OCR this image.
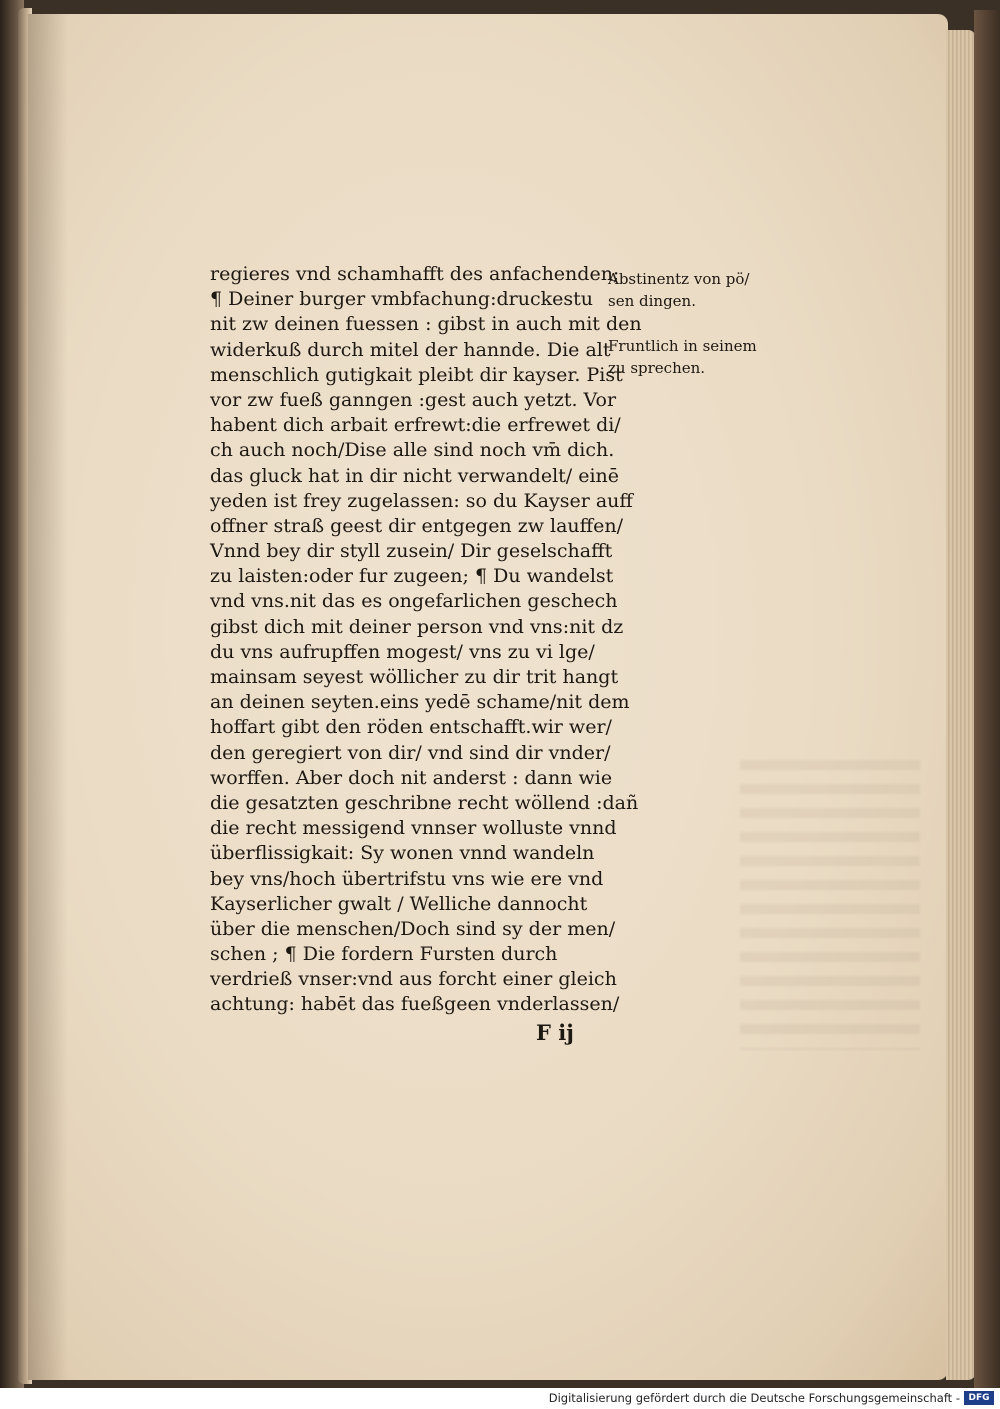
regieres vnd schamhafft des anfachenden;
¶ Deiner burger vmbfachung:druckestu
nit zw deinen fuessen : gibst in auch mit den
widerkuß durch mitel der hannde. Die alt
menschlich gutigkait pleibt dir kayser. Pist
vor zw fueß ganngen :gest auch yetzt. Vor
habent dich arbait erfrewt:die erfrewet di/
ch auch noch/Dise alle sind noch vm̄ dich.
das gluck hat in dir nicht verwandelt/ einē
yeden ist frey zugelassen: so du Kayser auff
offner straß geest dir entgegen zw lauffen/
Vnnd bey dir styll zusein/ Dir geselschafft
zu laisten:oder fur zugeen; ¶ Du wandelst
vnd vns.nit das es ongefarlichen geschech
gibst dich mit deiner person vnd vns:nit dz
du vns aufrupffen mogest/ vns zu vi lge/
mainsam seyest wöllicher zu dir trit hangt
an deinen seyten.eins yedē schame/nit dem
hoffart gibt den röden entschafft.wir wer/
den geregiert von dir/ vnd sind dir vnder/
worffen. Aber doch nit anderst : dann wie
die gesatzten geschribne recht wöllend :dañ
die recht messigend vnnser wolluste vnnd
überflissigkait: Sy wonen vnnd wandeln
bey vns/hoch übertrifstu vns wie ere vnd
Kayserlicher gwalt / Welliche dannocht
über die menschen/Doch sind sy der men/
schen ; ¶ Die fordern Fursten durch
verdrieß vnser:vnd aus forcht einer gleich
achtung: habēt das fueßgeen vnderlassen/
F ij
Abstinentz von pö/
sen dingen.
Fruntlich in seinem
zu sprechen.
Digitalisierung gefördert durch die Deutsche Forschungsgemeinschaft - DFG
